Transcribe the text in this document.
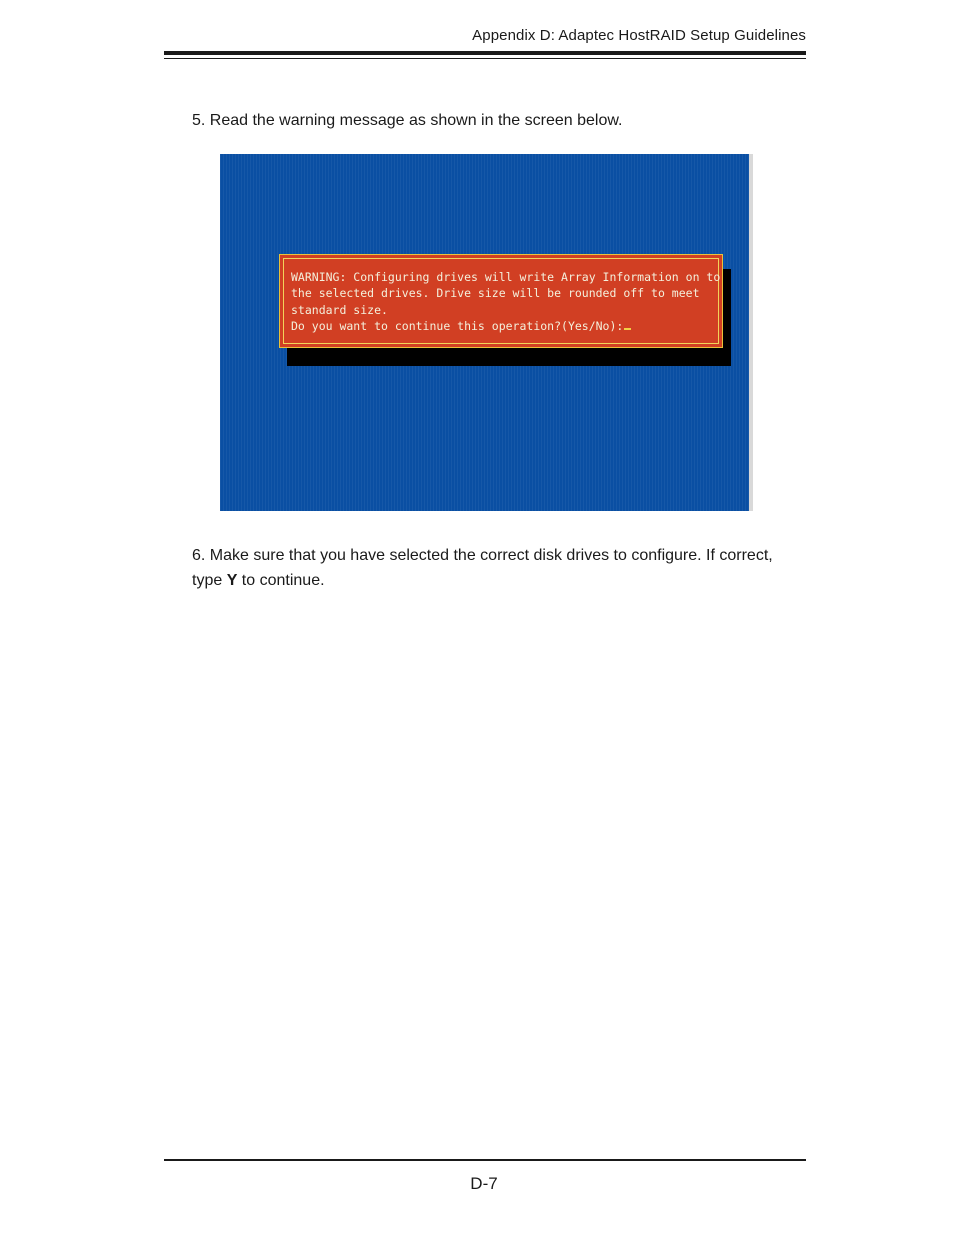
Appendix D: Adaptec HostRAID Setup Guidelines
5. Read the warning message as shown in the screen below.
WARNING: Configuring drives will write Array Information on to
the selected drives. Drive size will be rounded off to meet
standard size.
Do you want to continue this operation?(Yes/No):
6. Make sure that you have selected the correct disk drives to configure. If correct, type Y to continue.
D-7
